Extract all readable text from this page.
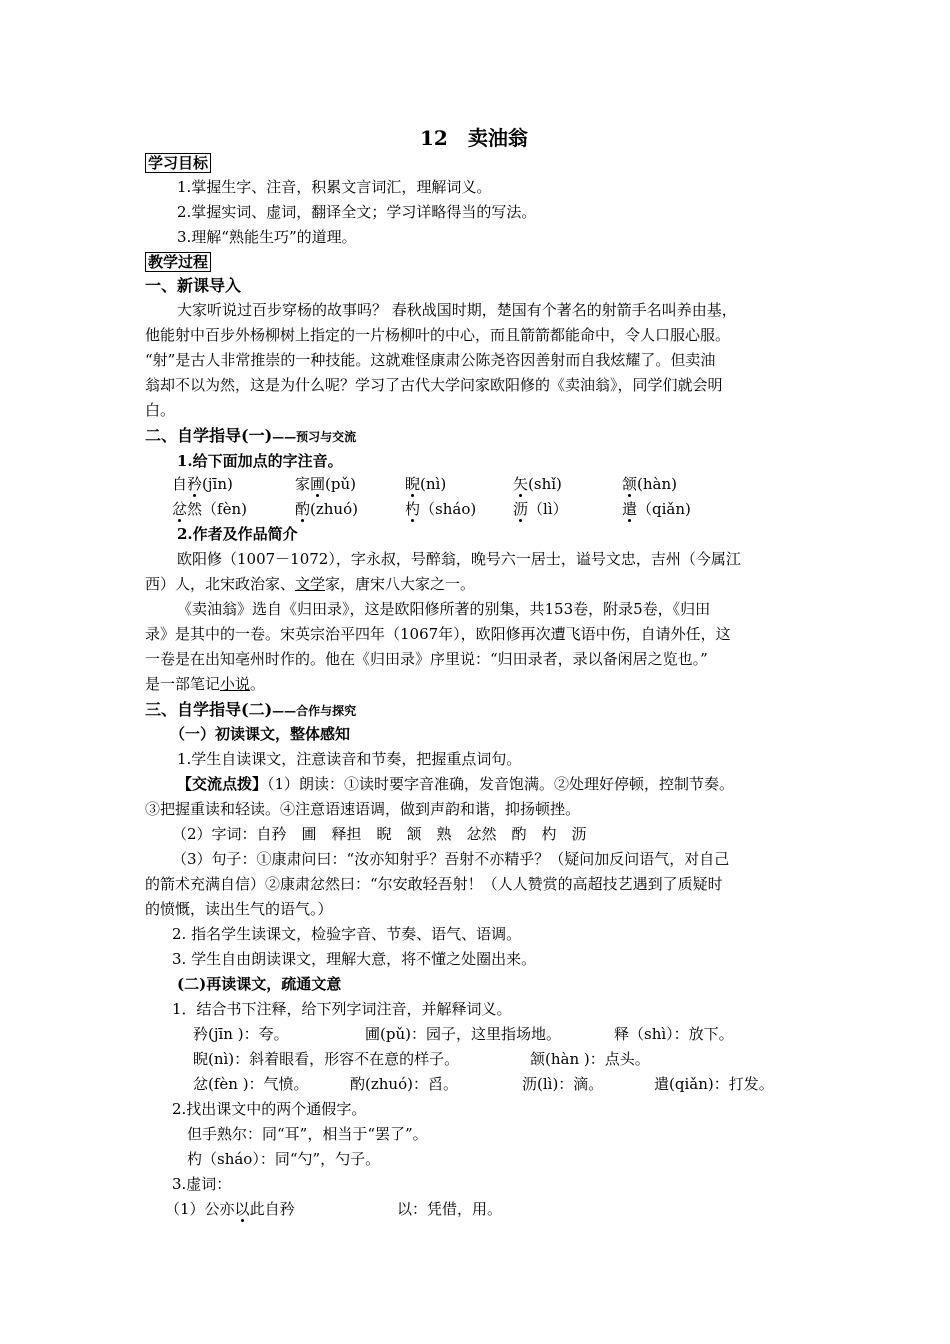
12　卖油翁
学习目标
1.掌握生字、注音，积累文言词汇，理解词义。
2.掌握实词、虚词，翻译全文；学习详略得当的写法。
3.理解“熟能生巧”的道理。
教学过程
一、新课导入
大家听说过百步穿杨的故事吗？ 春秋战国时期，楚国有个著名的射箭手名叫养由基，
他能射中百步外杨柳树上指定的一片杨柳叶的中心，而且箭箭都能命中，令人口服心服。
“射”是古人非常推崇的一种技能。这就难怪康肃公陈尧咨因善射而自我炫耀了。但卖油
翁却不以为然，这是为什么呢？学习了古代大学问家欧阳修的《卖油翁》，同学们就会明
白。
二、自学指导(一)——预习与交流
1.给下面加点的字注音。
自矜(jīn)	家圃(pǔ)	睨(nì)	矢(shǐ)	颔(hàn)
忿然（fèn)	酌(zhuó)	杓（sháo) 沥（lì）	遣（qiǎn)
2.作者及作品简介
欧阳修（1007－1072），字永叔，号醉翁，晚号六一居士，谥号文忠，吉州（今属江
西）人，北宋政治家、文学家，唐宋八大家之一。
《卖油翁》选自《归田录》，这是欧阳修所著的别集，共153卷，附录5卷，《归田
录》是其中的一卷。宋英宗治平四年（1067年），欧阳修再次遭飞语中伤，自请外任，这
一卷是在出知亳州时作的。他在《归田录》序里说：“归田录者，录以备闲居之览也。”
是一部笔记小说。
三、自学指导(二)——合作与探究
（一）初读课文，整体感知
1.学生自读课文，注意读音和节奏，把握重点词句。
【交流点拨】（1）朗读：①读时要字音准确，发音饱满。②处理好停顿，控制节奏。
③把握重读和轻读。④注意语速语调，做到声韵和谐，抑扬顿挫。
（2）字词：自矜　圃　释担　睨　颔　熟　忿然　酌　杓　沥
（3）句子：①康肃问曰：“汝亦知射乎？吾射不亦精乎？（疑问加反问语气，对自己
的箭术充满自信）②康肃忿然曰：“尔安敢轻吾射！（人人赞赏的高超技艺遇到了质疑时
的愤慨，读出生气的语气。）
2. 指名学生读课文，检验字音、节奏、语气、语调。
3. 学生自由朗读课文，理解大意，将不懂之处圈出来。
(二)再读课文，疏通文意
1．结合书下注释，给下列字词注音，并解释词义。
矜(jīn )：夸。	圃(pǔ)：园子，这里指场地。	释（shì）：放下。
睨(nì)：斜着眼看，形容不在意的样子。	颔(hàn )：点头。
忿(fèn )：气愤。	酌(zhuó)：舀。	沥(lì)：滴。	遣(qiǎn)：打发。
2.找出课文中的两个通假字。
但手熟尔：同“耳”，相当于“罢了”。
杓（sháo）：同“勺”，勺子。
3.虚词：
（1）公亦以此自矜	以：凭借，用。
